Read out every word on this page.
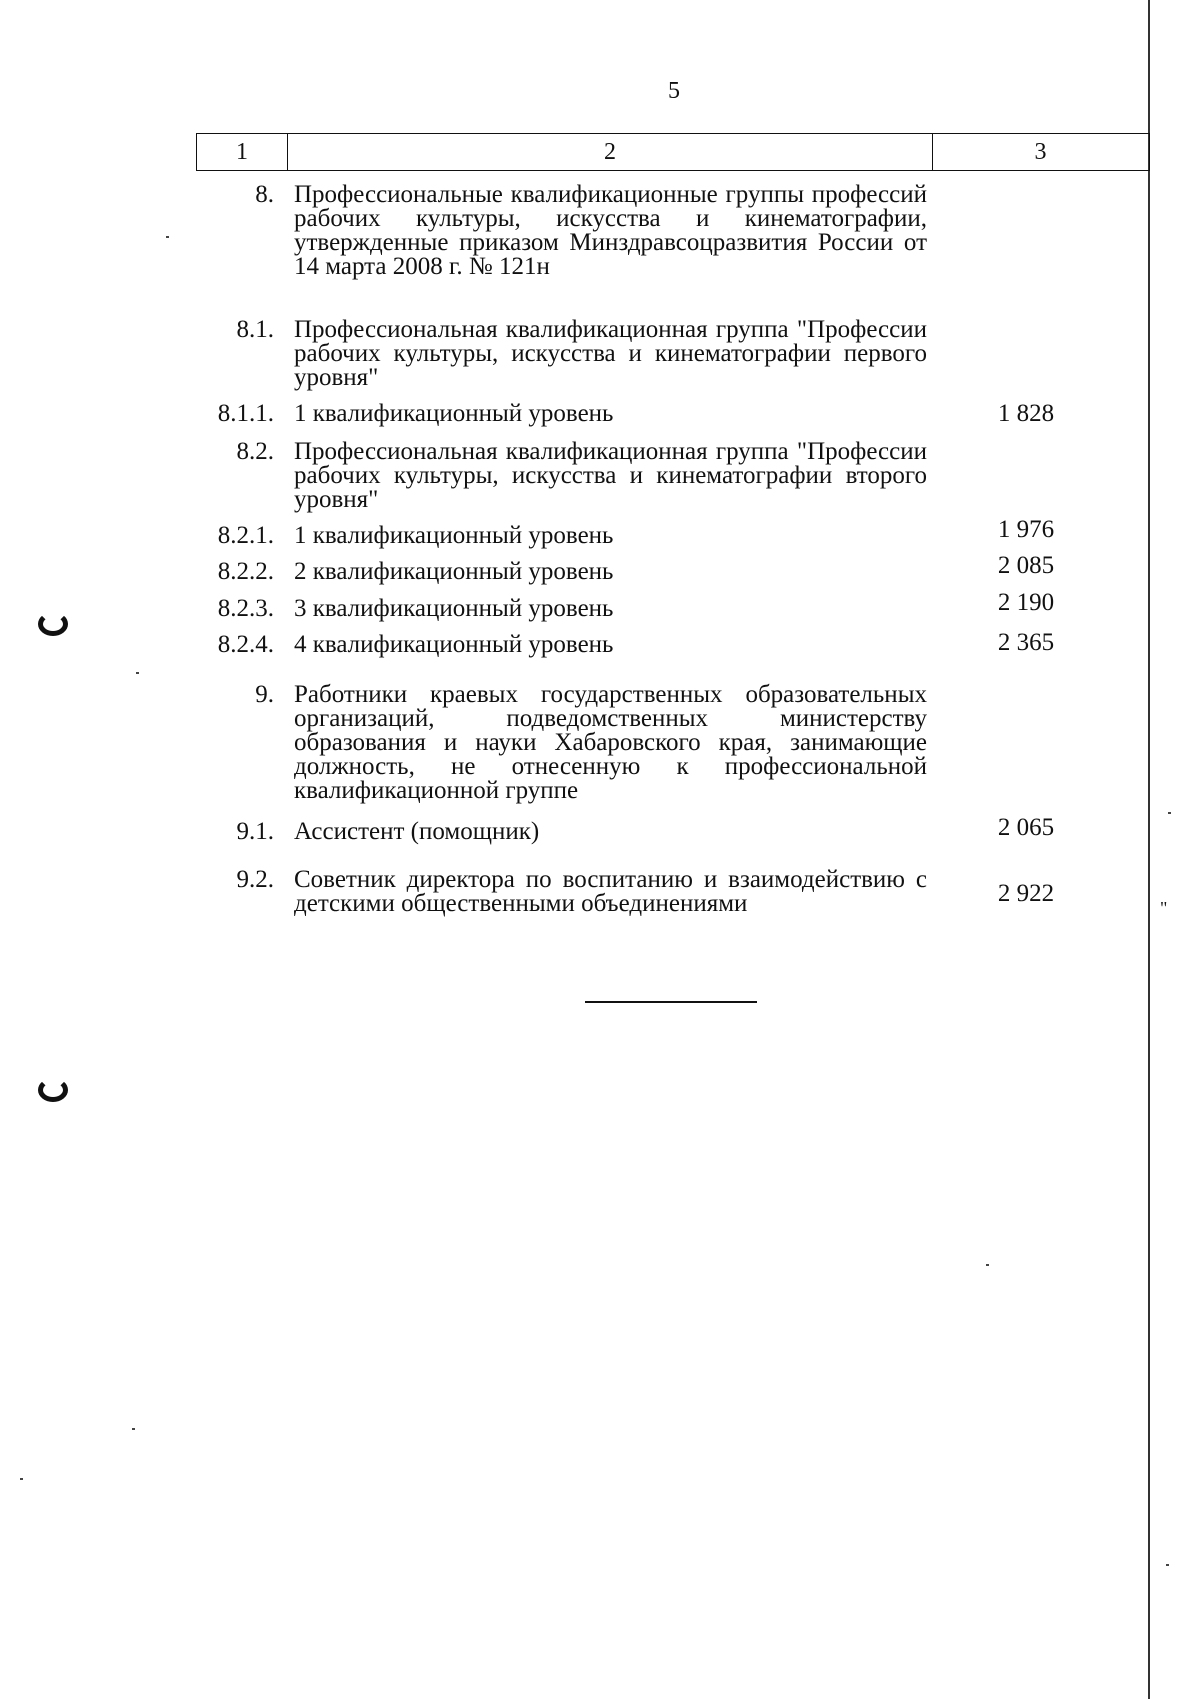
5
1	2	3
8. Профессиональные квалификационные группы профессий рабочих культуры, искусства и кинематографии, утвержденные приказом Минздравсоцразвития России от 14 марта 2008 г. № 121н
8.1. Профессиональная квалификационная группа "Профессии рабочих культуры, искусства и кинематографии первого уровня"
8.1.1. 1 квалификационный уровень	1 828
8.2. Профессиональная квалификационная группа "Профессии рабочих культуры, искусства и кинематографии второго уровня"
8.2.1. 1 квалификационный уровень	1 976
8.2.2. 2 квалификационный уровень	2 085
8.2.3. 3 квалификационный уровень	2 190
8.2.4. 4 квалификационный уровень	2 365
9. Работники краевых государственных образовательных организаций, подведомственных министерству образования и науки Хабаровского края, занимающие должность, не отнесенную к профессиональной квалификационной группе
9.1. Ассистент (помощник)	2 065
9.2. Советник директора по воспитанию и взаимодействию с детскими общественными объединениями	2 922
"
